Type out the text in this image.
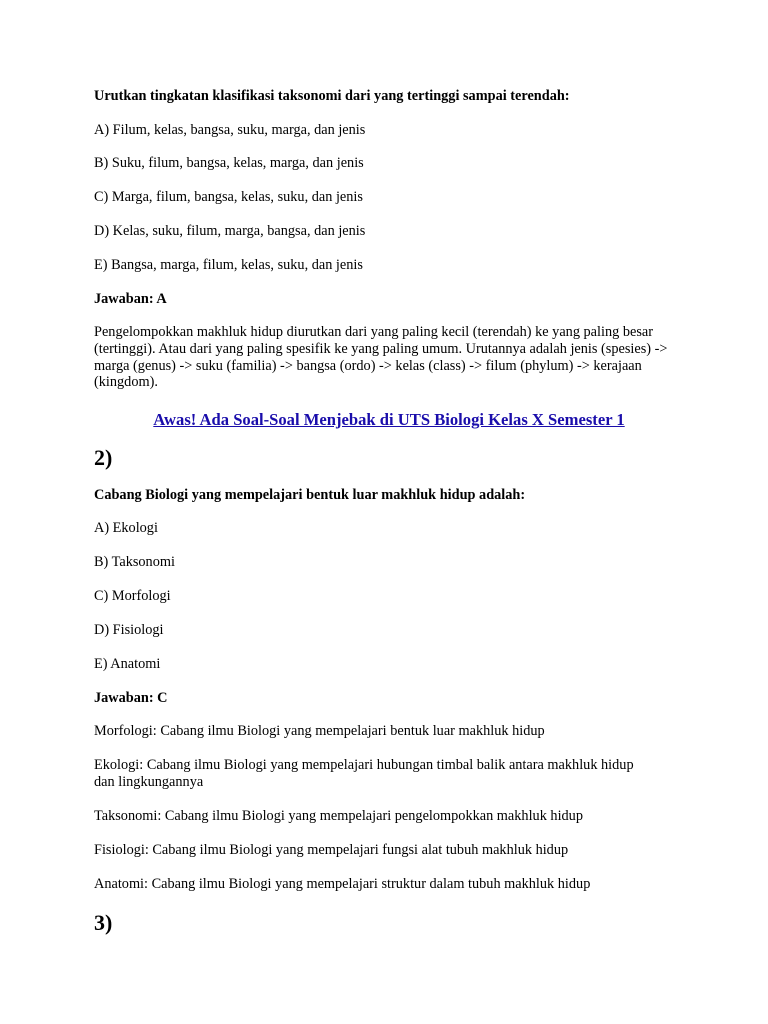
Urutkan tingkatan klasifikasi taksonomi dari yang tertinggi sampai terendah:

A) Filum, kelas, bangsa, suku, marga, dan jenis

B) Suku, filum, bangsa, kelas, marga, dan jenis

C) Marga, filum, bangsa, kelas, suku, dan jenis

D) Kelas, suku, filum, marga, bangsa, dan jenis

E) Bangsa, marga, filum, kelas, suku, dan jenis

Jawaban: A

Pengelompokkan makhluk hidup diurutkan dari yang paling kecil (terendah) ke yang paling besar (tertinggi). Atau dari yang paling spesifik ke yang paling umum. Urutannya adalah jenis (spesies) -> marga (genus) -> suku (familia) -> bangsa (ordo) -> kelas (class) -> filum (phylum) -> kerajaan (kingdom).

Awas! Ada Soal-Soal Menjebak di UTS Biologi Kelas X Semester 1

2)

Cabang Biologi yang mempelajari bentuk luar makhluk hidup adalah:

A) Ekologi

B) Taksonomi

C) Morfologi

D) Fisiologi

E) Anatomi

Jawaban: C

Morfologi: Cabang ilmu Biologi yang mempelajari bentuk luar makhluk hidup

Ekologi: Cabang ilmu Biologi yang mempelajari hubungan timbal balik antara makhluk hidup dan lingkungannya

Taksonomi: Cabang ilmu Biologi yang mempelajari pengelompokkan makhluk hidup

Fisiologi: Cabang ilmu Biologi yang mempelajari fungsi alat tubuh makhluk hidup

Anatomi: Cabang ilmu Biologi yang mempelajari struktur dalam tubuh makhluk hidup

3)
